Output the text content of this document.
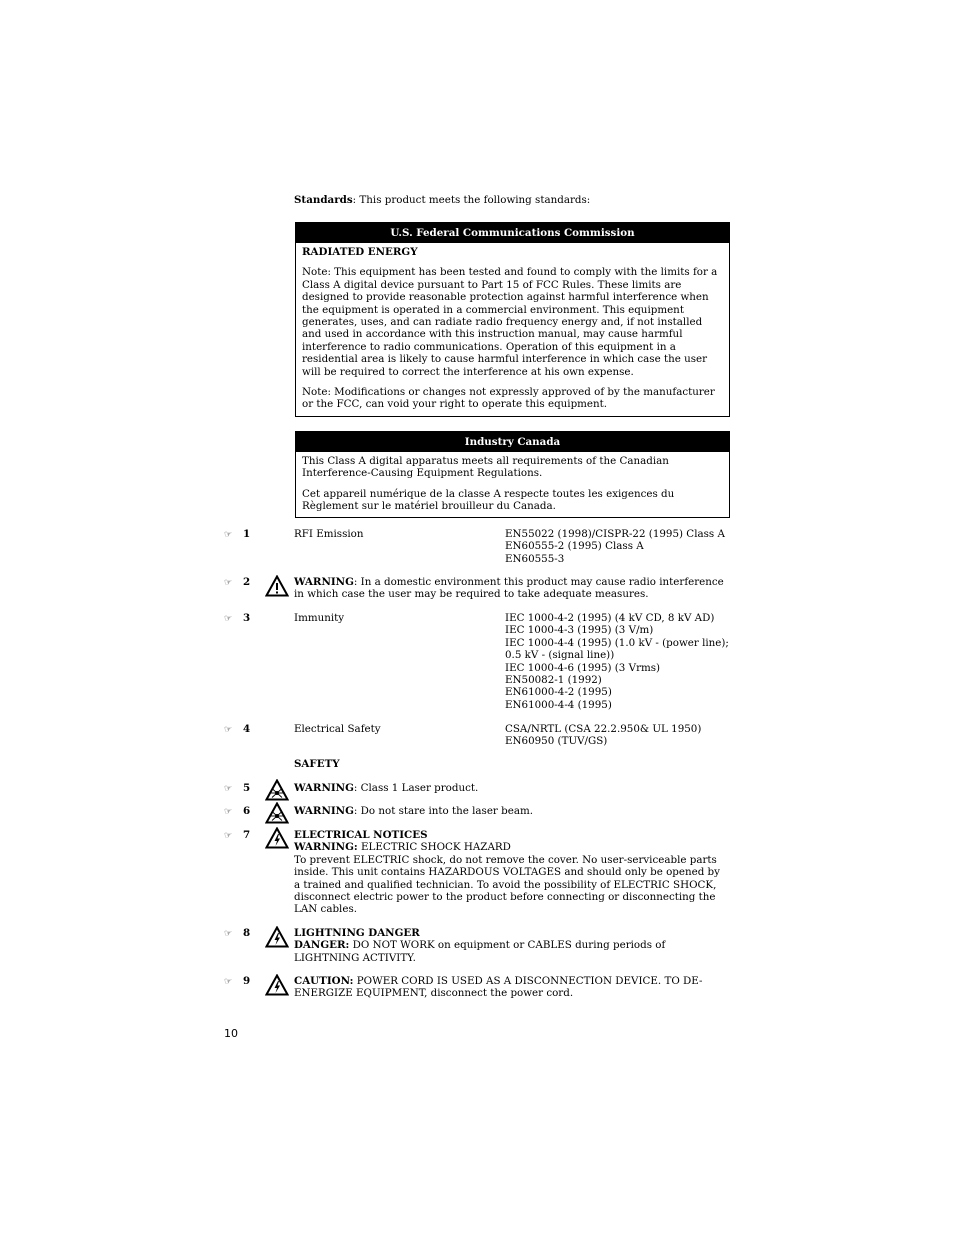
Standards: This product meets the following standards:
U.S. Federal Communications Commission

RADIATED ENERGY

Note: This equipment has been tested and found to comply with the limits for a Class A digital device pursuant to Part 15 of FCC Rules. These limits are designed to provide reasonable protection against harmful interference when the equipment is operated in a commercial environment. This equipment generates, uses, and can radiate radio frequency energy and, if not installed and used in accordance with this instruction manual, may cause harmful interference to radio communications. Operation of this equipment in a residential area is likely to cause harmful interference in which case the user will be required to correct the interference at his own expense.

Note: Modifications or changes not expressly approved of by the manufacturer or the FCC, can void your right to operate this equipment.

Industry Canada

This Class A digital apparatus meets all requirements of the Canadian Interference-Causing Equipment Regulations.

Cet appareil numérique de la classe A respecte toutes les exigences du Règlement sur le matériel brouilleur du Canada.

☞ 1	RFI Emission	EN55022 (1998)/CISPR-22 (1995) Class A
EN60555-2 (1995) Class A
EN60555-3
☞ 2	WARNING: In a domestic environment this product may cause radio interference in which case the user may be required to take adequate measures.
☞ 3	Immunity	IEC 1000-4-2 (1995) (4 kV CD, 8 kV AD)
IEC 1000-4-3 (1995) (3 V/m)
IEC 1000-4-4 (1995) (1.0 kV - (power line); 0.5 kV - (signal line))
IEC 1000-4-6 (1995) (3 Vrms)
EN50082-1 (1992)
EN61000-4-2 (1995)
EN61000-4-4 (1995)
☞ 4	Electrical Safety	CSA/NRTL (CSA 22.2.950& UL 1950)
EN60950 (TUV/GS)
SAFETY
☞ 5	WARNING: Class 1 Laser product.
☞ 6	WARNING: Do not stare into the laser beam.
☞ 7	ELECTRICAL NOTICES
WARNING: ELECTRIC SHOCK HAZARD
To prevent ELECTRIC shock, do not remove the cover. No user-serviceable parts inside. This unit contains HAZARDOUS VOLTAGES and should only be opened by a trained and qualified technician. To avoid the possibility of ELECTRIC SHOCK, disconnect electric power to the product before connecting or disconnecting the LAN cables.
☞ 8	LIGHTNING DANGER
DANGER: DO NOT WORK on equipment or CABLES during periods of LIGHTNING ACTIVITY.
☞ 9	CAUTION: POWER CORD IS USED AS A DISCONNECTION DEVICE. TO DE-ENERGIZE EQUIPMENT, disconnect the power cord.
10
